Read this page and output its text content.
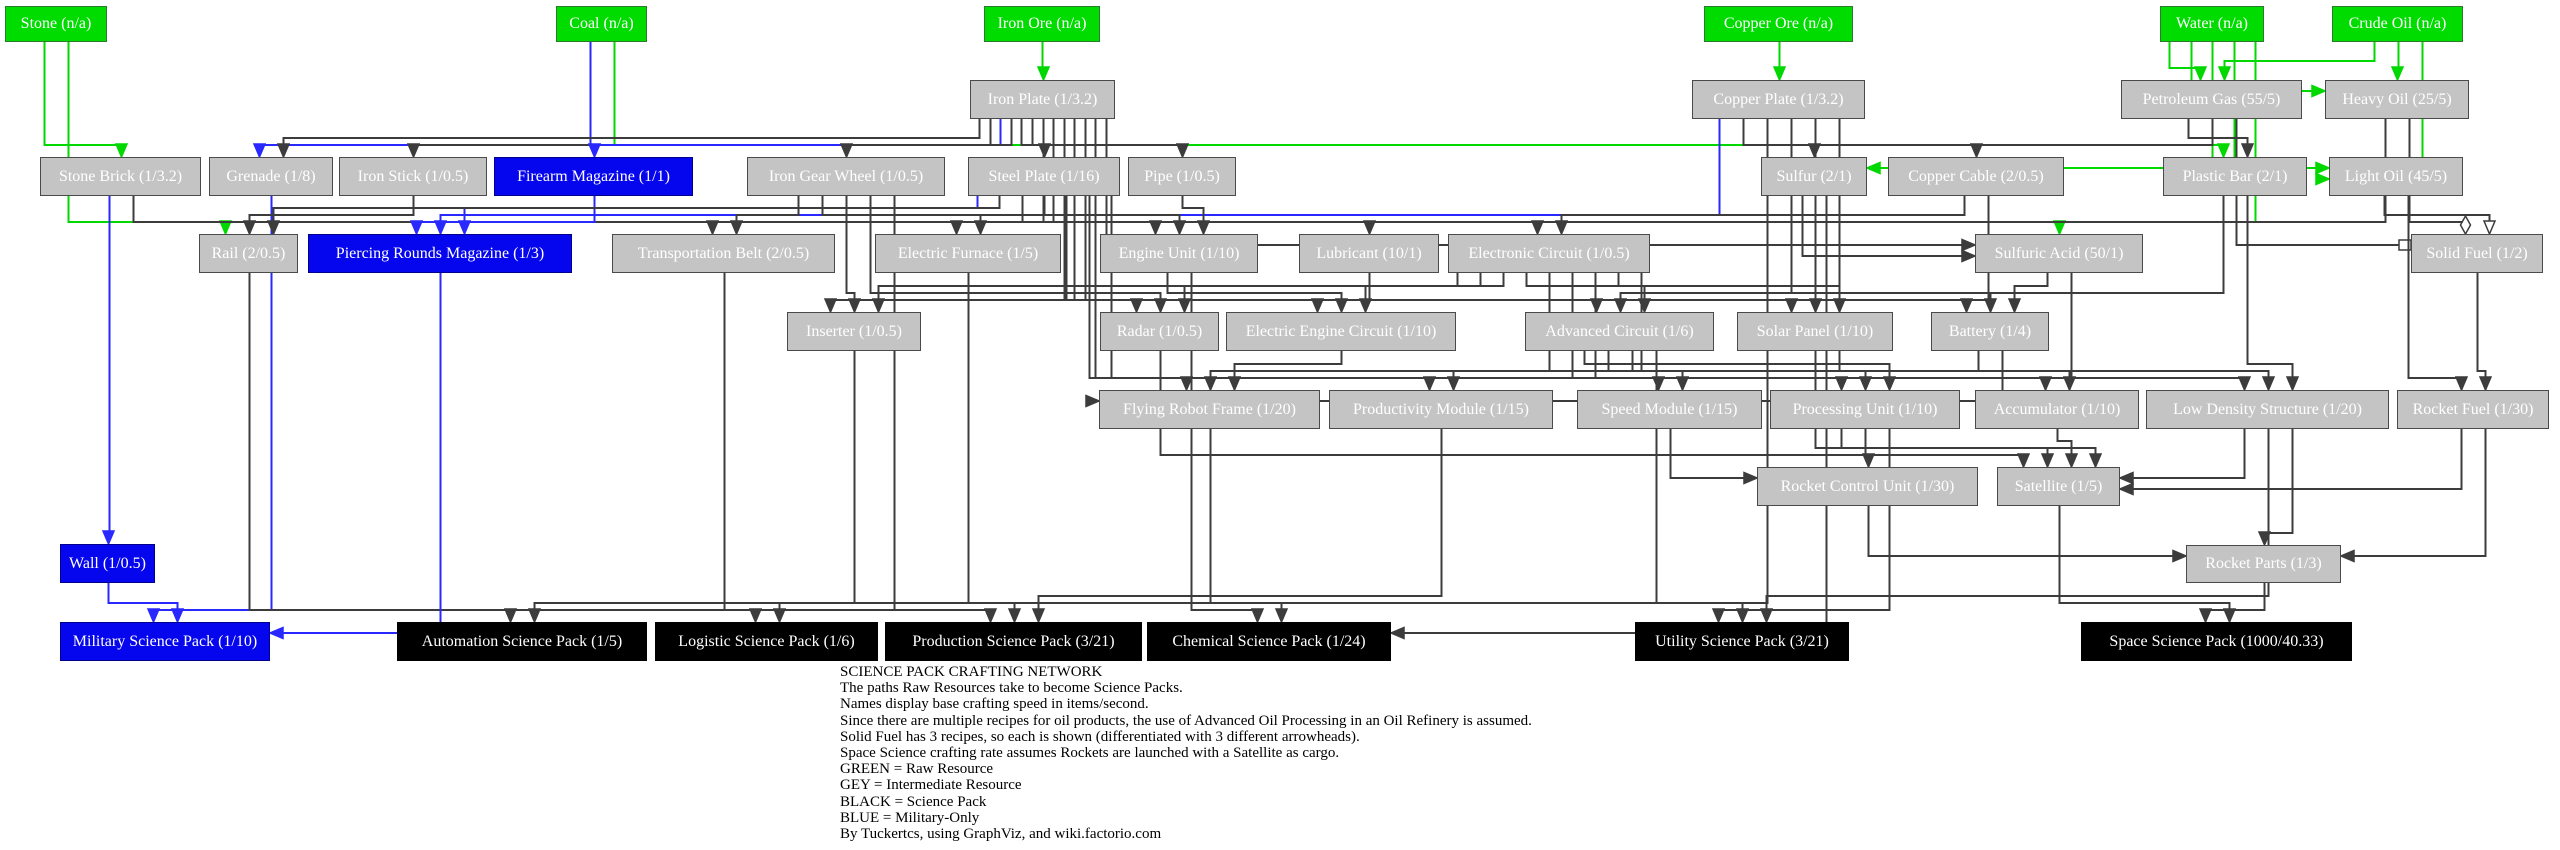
Stone (n/a)	Coal (n/a)	Iron Ore (n/a)	Copper Ore (n/a)	Water (n/a)	Crude Oil (n/a)
Iron Plate (1/3.2)	Copper Plate (1/3.2)	Petroleum Gas (55/5)	Heavy Oil (25/5)
Stone Brick (1/3.2)	Grenade (1/8)	Iron Stick (1/0.5)	Firearm Magazine (1/1)	Iron Gear Wheel (1/0.5)	Steel Plate (1/16)	Pipe (1/0.5)	Sulfur (2/1)	Copper Cable (2/0.5)	Plastic Bar (2/1)	Light Oil (45/5)
Rail (2/0.5)	Piercing Rounds Magazine (1/3)	Transportation Belt (2/0.5)	Electric Furnace (1/5)	Engine Unit (1/10)	Lubricant (10/1)	Electronic Circuit (1/0.5)	Sulfuric Acid (50/1)	Solid Fuel (1/2)
Inserter (1/0.5)	Radar (1/0.5)	Electric Engine Circuit (1/10)	Advanced Circuit (1/6)	Solar Panel (1/10)	Battery (1/4)
Flying Robot Frame (1/20)	Productivity Module (1/15)	Speed Module (1/15)	Processing Unit (1/10)	Accumulator (1/10)	Low Density Structure (1/20)	Rocket Fuel (1/30)
Rocket Control Unit (1/30)	Satellite (1/5)
Wall (1/0.5)	Rocket Parts (1/3)
Military Science Pack (1/10)	Automation Science Pack (1/5)	Logistic Science Pack (1/6)	Production Science Pack (3/21)	Chemical Science Pack (1/24)	Utility Science Pack (3/21)	Space Science Pack (1000/40.33)
SCIENCE PACK CRAFTING NETWORK
The paths Raw Resources take to become Science Packs.
Names display base crafting speed in items/second.
Since there are multiple recipes for oil products, the use of Advanced Oil Processing in an Oil Refinery is assumed.
Solid Fuel has 3 recipes, so each is shown (differentiated with 3 different arrowheads).
Space Science crafting rate assumes Rockets are launched with a Satellite as cargo.
GREEN = Raw Resource
GEY = Intermediate Resource
BLACK = Science Pack
BLUE = Military-Only
By Tuckertcs, using GraphViz, and wiki.factorio.com
